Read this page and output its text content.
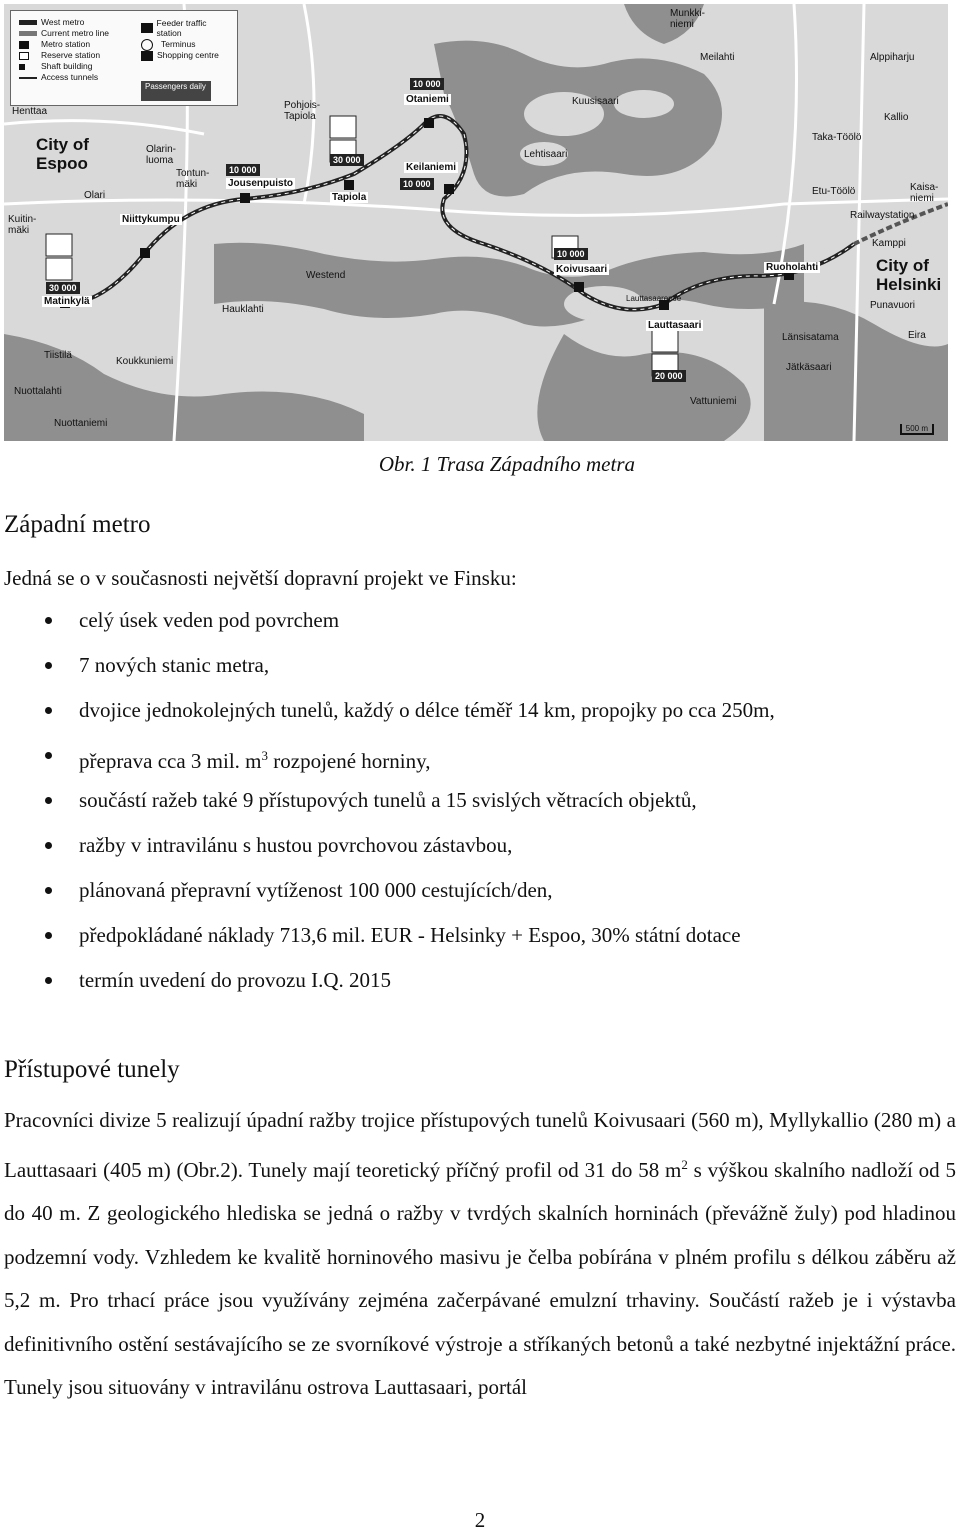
West metro
Current metro line
Metro station
Reserve station
Shaft building
Access tunnels
Feeder traffic station
Terminus
Shopping centre
Passengers daily
City of
Espoo
City of
Helsinki
Matinkylä
Niittykumpu
Jousenpuisto
Tapiola
Otaniemi
Keilaniemi
Koivusaari
Lauttasaari
Ruoholahti
30 000
10 000
30 000
10 000
10 000
10 000
20 000
Henttaa
Olari
Olarin-luoma
Tontun-mäki
Kuitin-mäki
Tiistilä
Koukkuniemi
Nuottalahti
Nuottaniemi
Hauklahti
Pohjois-Tapiola
Westend
Kuusisaari
Lehtisaari
Munkki-niemi
Meilahti	Alppiharju
Kallio
Taka-Töölö
Etu-Töölö	Kaisa-niemi
Railwaystation
Kamppi
Punavuori
Eira
Länsisatama
Jätkäsaari
Vattuniemi
Lauttasaarentie
500 m
Obr. 1 Trasa Západního metra
Západní metro
Jedná se o v současnosti největší dopravní projekt ve Finsku:
celý úsek veden pod povrchem
7 nových stanic metra,
dvojice jednokolejných tunelů, každý o délce téměř 14 km, propojky po cca 250m,
přeprava cca 3 mil. $m^3$ rozpojené horniny,
součástí ražeb také 9 přístupových tunelů a 15 svislých větracích objektů,
ražby v intravilánu s hustou povrchovou zástavbou,
plánovaná přepravní vytíženost 100 000 cestujících/den,
předpokládané náklady 713,6 mil. EUR - Helsinky + Espoo, 30% státní dotace
termín uvedení do provozu I.Q. 2015
Přístupové tunely
Pracovníci divize 5 realizují úpadní ražby trojice přístupových tunelů Koivusaari (560 m), Myllykallio (280 m) a Lauttasaari (405 m) (Obr.2). Tunely mají teoretický příčný profil od 31 do 58 $m^2$ s výškou skalního nadloží od 5 do 40 m. Z geologického hlediska se jedná o ražby v tvrdých skalních horninách (převážně žuly) pod hladinou podzemní vody. Vzhledem ke kvalitě horninového masivu je čelba pobírána v plném profilu s délkou záběru až 5,2 m. Pro trhací práce jsou využívány zejména začerpávané emulzní trhaviny. Součástí ražeb je i výstavba definitivního ostění sestávajícího se ze svorníkové výstroje a stříkaných betonů a také nezbytné injektážní práce. Tunely jsou situovány v intravilánu ostrova Lauttasaari, portál
2
